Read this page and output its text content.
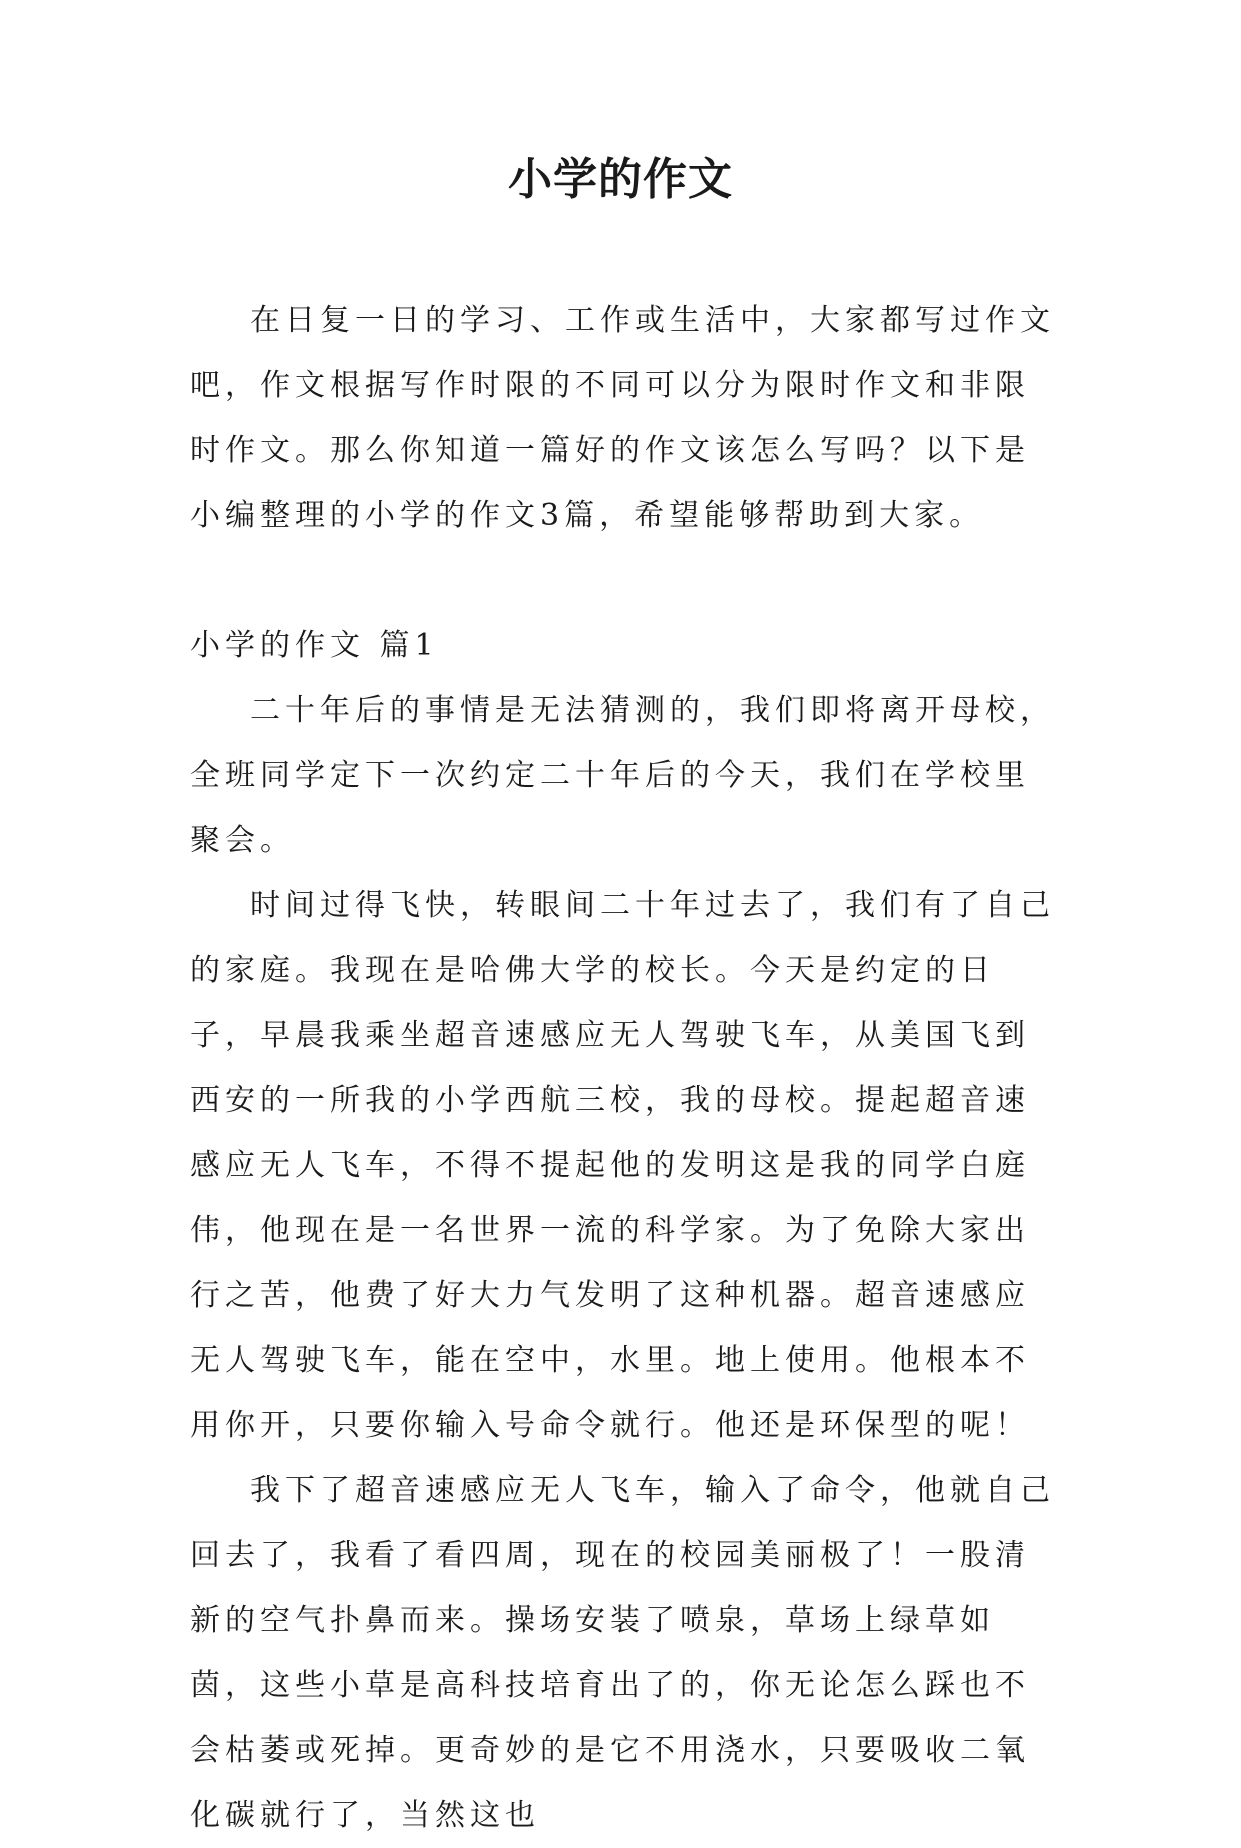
小学的作文

在日复一日的学习、工作或生活中，大家都写过作文吧，作文根据写作时限的不同可以分为限时作文和非限时作文。那么你知道一篇好的作文该怎么写吗？以下是小编整理的小学的作文3篇，希望能够帮助到大家。

小学的作文 篇1

二十年后的事情是无法猜测的，我们即将离开母校，全班同学定下一次约定二十年后的今天，我们在学校里聚会。

时间过得飞快，转眼间二十年过去了，我们有了自己的家庭。我现在是哈佛大学的校长。今天是约定的日子，早晨我乘坐超音速感应无人驾驶飞车，从美国飞到西安的一所我的小学西航三校，我的母校。提起超音速感应无人飞车，不得不提起他的发明这是我的同学白庭伟，他现在是一名世界一流的科学家。为了免除大家出行之苦，他费了好大力气发明了这种机器。超音速感应无人驾驶飞车，能在空中，水里。地上使用。他根本不用你开，只要你输入号命令就行。他还是环保型的呢！

我下了超音速感应无人飞车，输入了命令，他就自己回去了，我看了看四周，现在的校园美丽极了！一股清新的空气扑鼻而来。操场安装了喷泉，草场上绿草如茵，这些小草是高科技培育出了的，你无论怎么踩也不会枯萎或死掉。更奇妙的是它不用浇水，只要吸收二氧化碳就行了，当然这也
